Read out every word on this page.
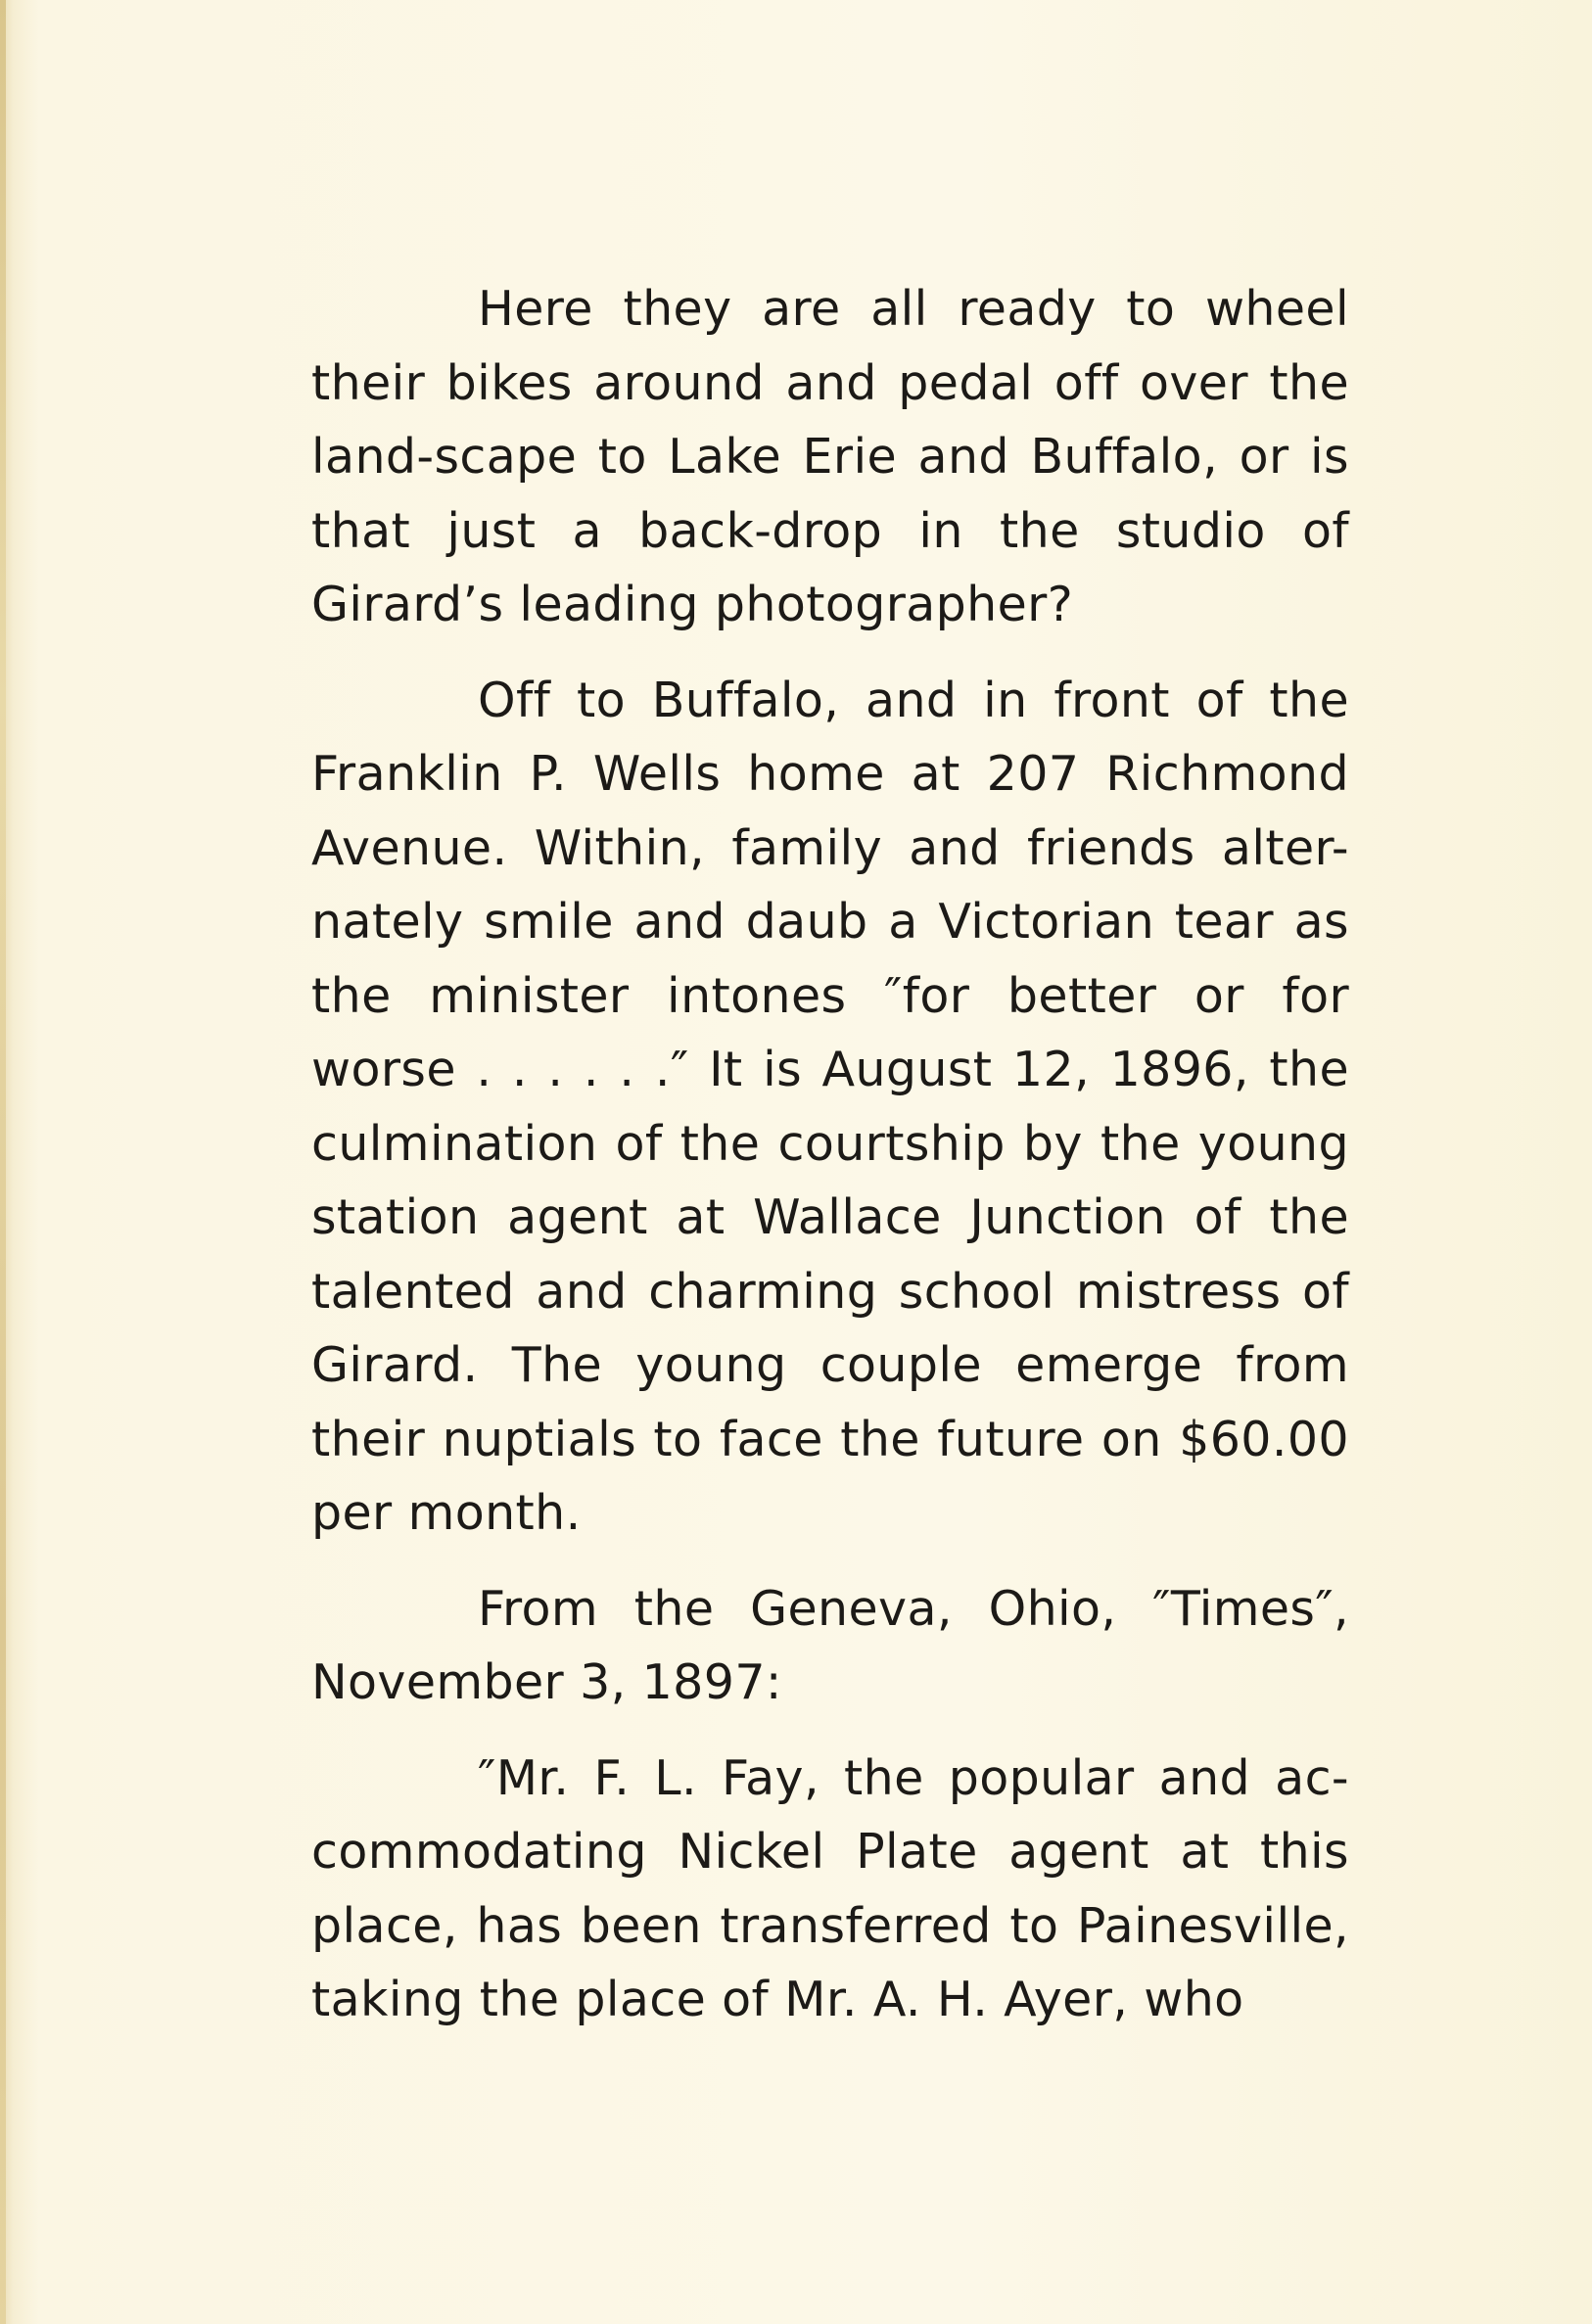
Here they are all ready to wheel their bikes around and pedal off over the land-scape to Lake Erie and Buffalo, or is that just a back-drop in the studio of Girard’s leading photographer?

Off to Buffalo, and in front of the Franklin P. Wells home at 207 Richmond Avenue. Within, family and friends alter-nately smile and daub a Victorian tear as the minister intones ″for better or for worse . . . . . .″ It is August 12, 1896, the culmination of the courtship by the young station agent at Wallace Junction of the talented and charming school mistress of Girard. The young couple emerge from their nuptials to face the future on $60.00 per month.

From the Geneva, Ohio, ″Times″, November 3, 1897:

″Mr. F. L. Fay, the popular and ac-commodating Nickel Plate agent at this place, has been transferred to Painesville, taking the place of Mr. A. H. Ayer, who
